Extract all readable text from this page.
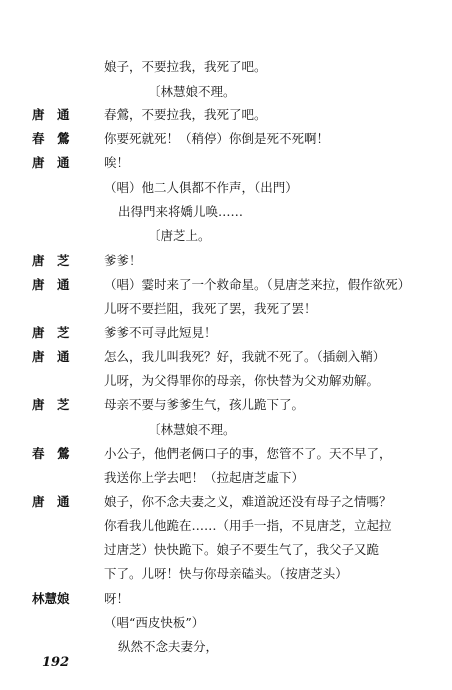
娘子，不要拉我，我死了吧。
〔林慧娘不理。
唐　通	春鶯，不要拉我，我死了吧。
春　鶯	你要死就死！（稍停）你倒是死不死啊！
唐　通	唉！
（唱）他二人俱都不作声，（出門）
出得門来将嬌儿唤……
〔唐芝上。
唐　芝	爹爹！
唐　通	（唱）霎时来了一个救命星。（見唐芝来拉，假作欲死）
儿呀不要拦阻，我死了罢，我死了罢！
唐　芝	爹爹不可寻此短見！
唐　通	怎么，我儿叫我死？好，我就不死了。（插劍入鞘）
儿呀，为父得罪你的母亲，你快替为父劝解劝解。
唐　芝	母亲不要与爹爹生气，孩儿跪下了。
〔林慧娘不理。
春　鶯	小公子，他們老俩口子的事，您管不了。天不早了，
我送你上学去吧！（拉起唐芝虛下）
唐　通	娘子，你不念夫妻之义，难道說还没有母子之情嗎？
你看我儿他跪在……（用手一指，不見唐芝，立起拉
过唐芝）快快跪下。娘子不要生气了，我父子又跪
下了。儿呀！快与你母亲磕头。（按唐芝头）
林慧娘	呀！
（唱“西皮快板”）
纵然不念夫妻分，
192
